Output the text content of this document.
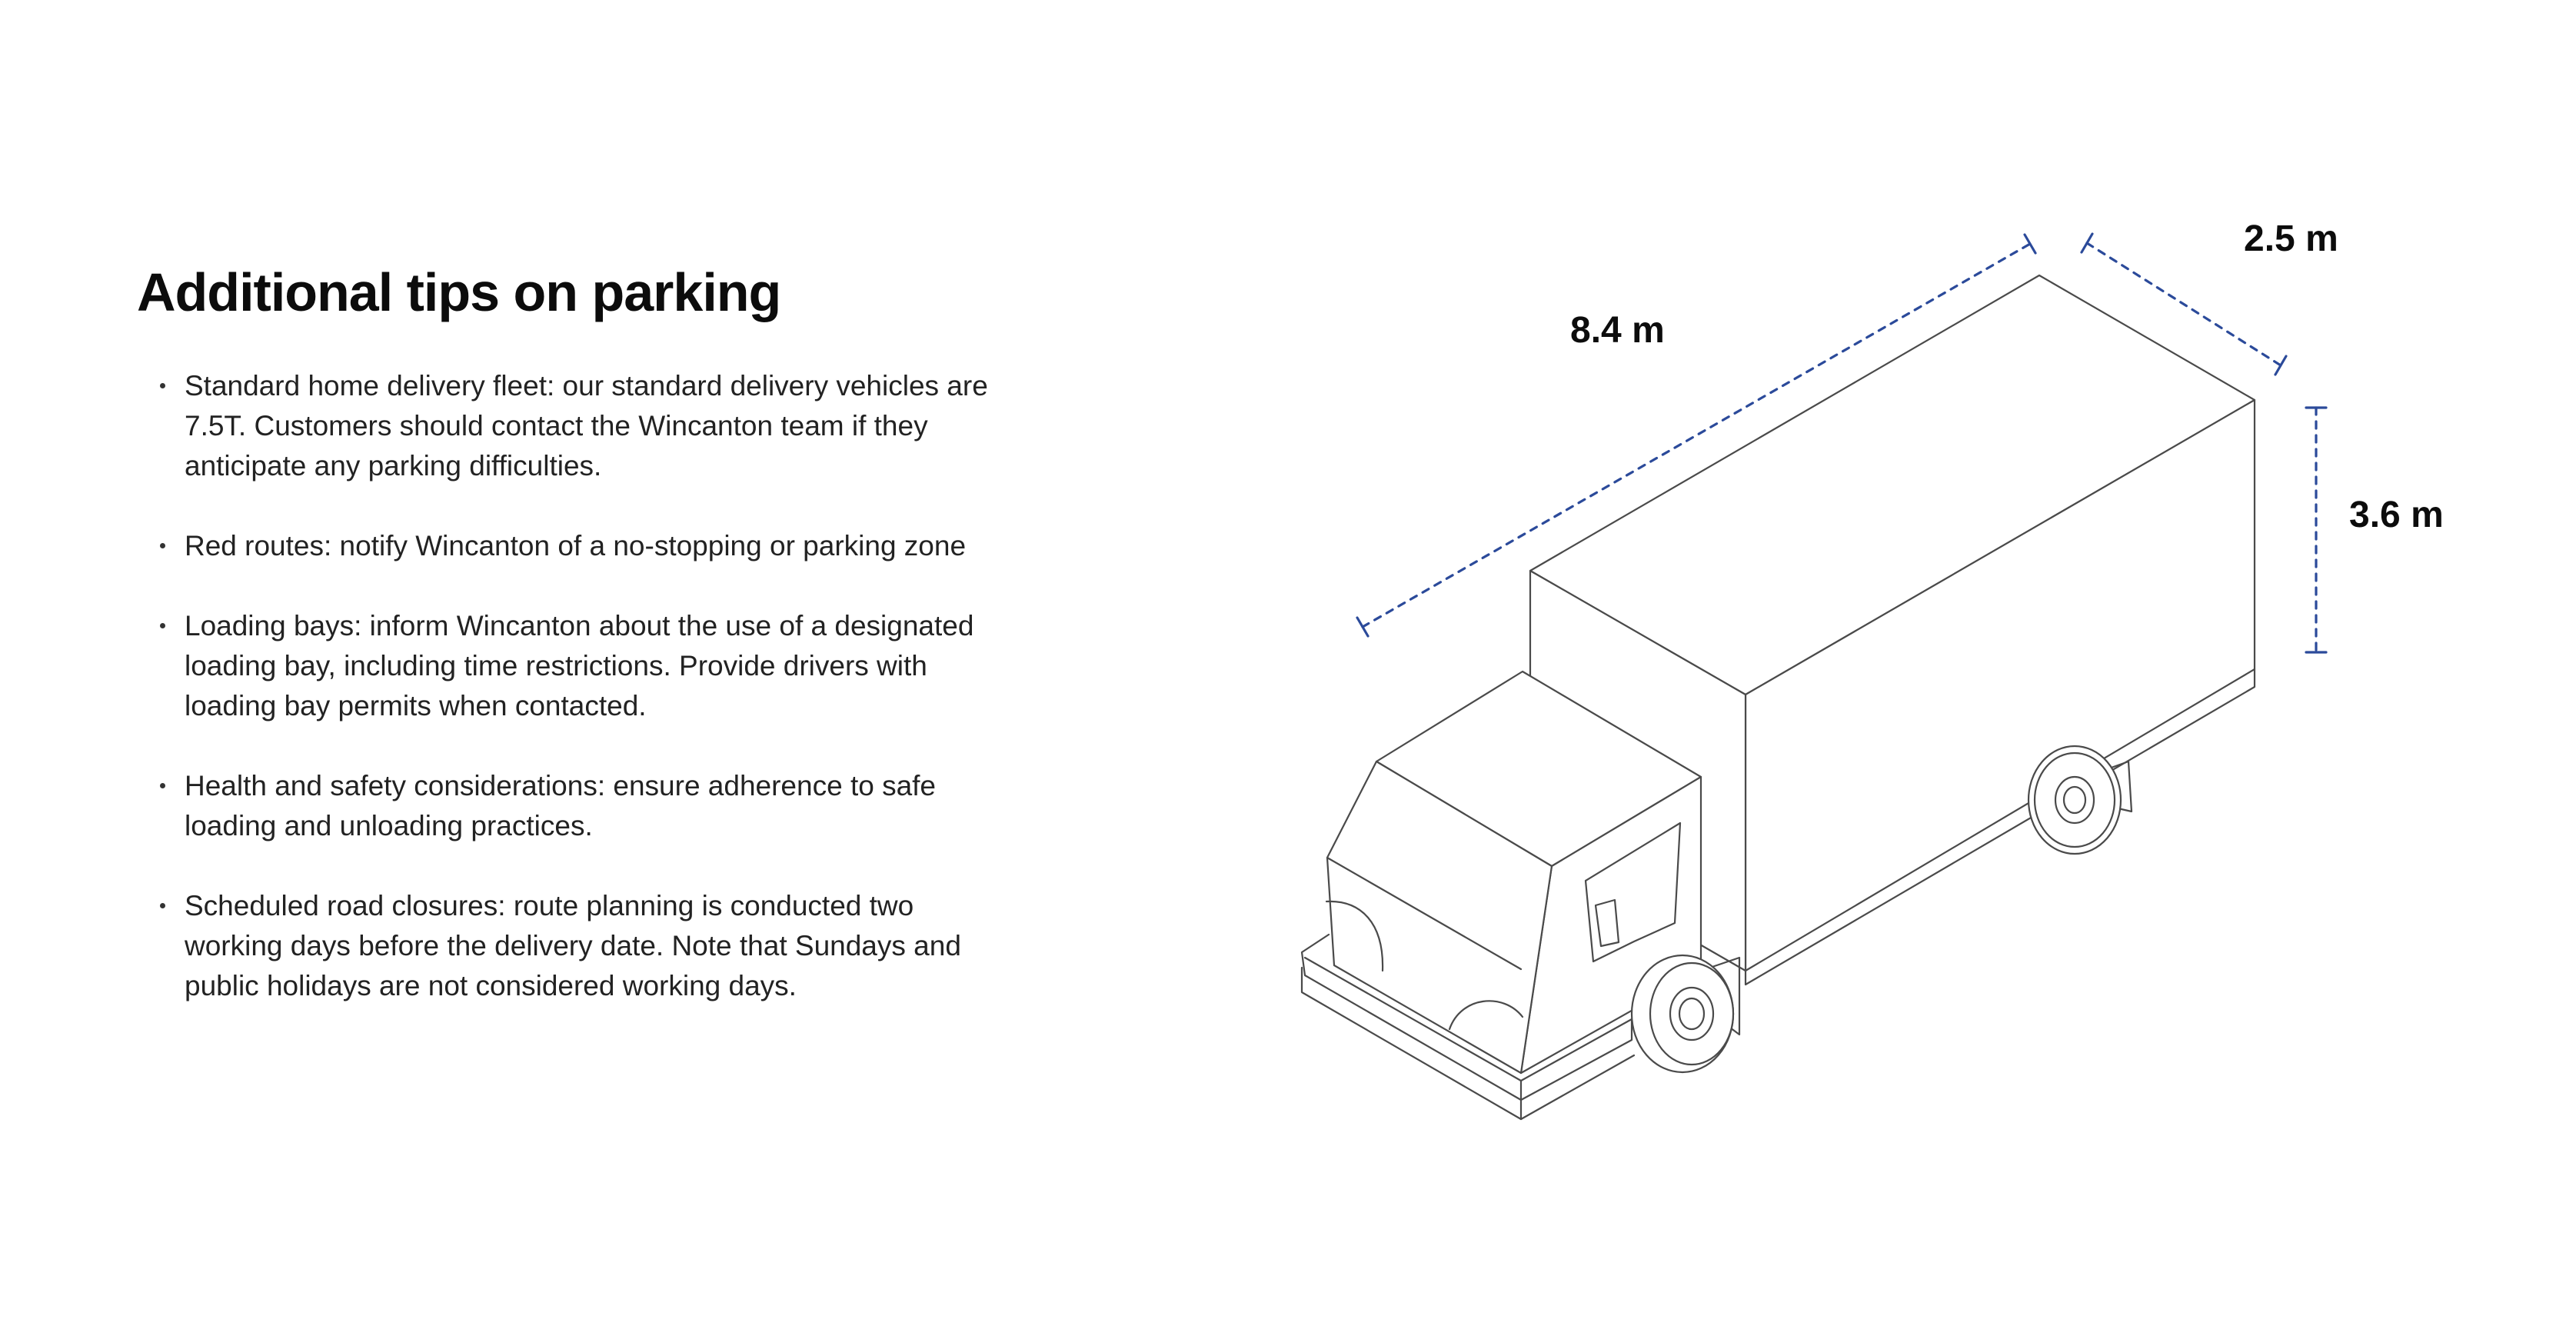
Additional tips on parking
Standard home delivery fleet: our standard delivery vehicles are 7.5T. Customers should contact the Wincanton team if they anticipate any parking difficulties.
Red routes: notify Wincanton of a no-stopping or parking zone
Loading bays: inform Wincanton about the use of a designated loading bay, including time restrictions. Provide drivers with loading bay permits when contacted.
Health and safety considerations: ensure adherence to safe loading and unloading practices.
Scheduled road closures: route planning is conducted two working days before the delivery date. Note that Sundays and public holidays are not considered working days.
8.4 m
2.5 m
3.6 m
